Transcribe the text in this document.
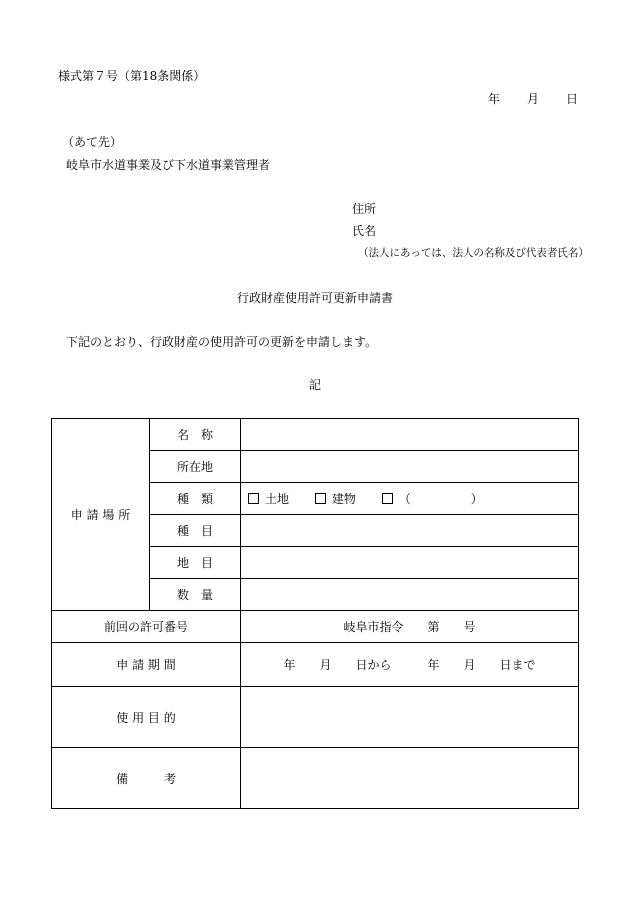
様式第７号（第18条関係）
年 月 日
（あて先）
岐阜市水道事業及び下水道事業管理者
住所
氏名
（法人にあっては、法人の名称及び代表者氏名）
行政財産使用許可更新申請書
下記のとおり、行政財産の使用許可の更新を申請します。
記
申 請 場 所	名　称	
	所在地	
	種　類	土地 建物 （　　　　　）
	種　目	
	地　目	
	数　量	
前回の許可番号		岐阜市指令　　第　　号
申 請 期 間		年　　月　　日から　　　年　　月　　日まで
使 用 目 的		
備　　　考		
